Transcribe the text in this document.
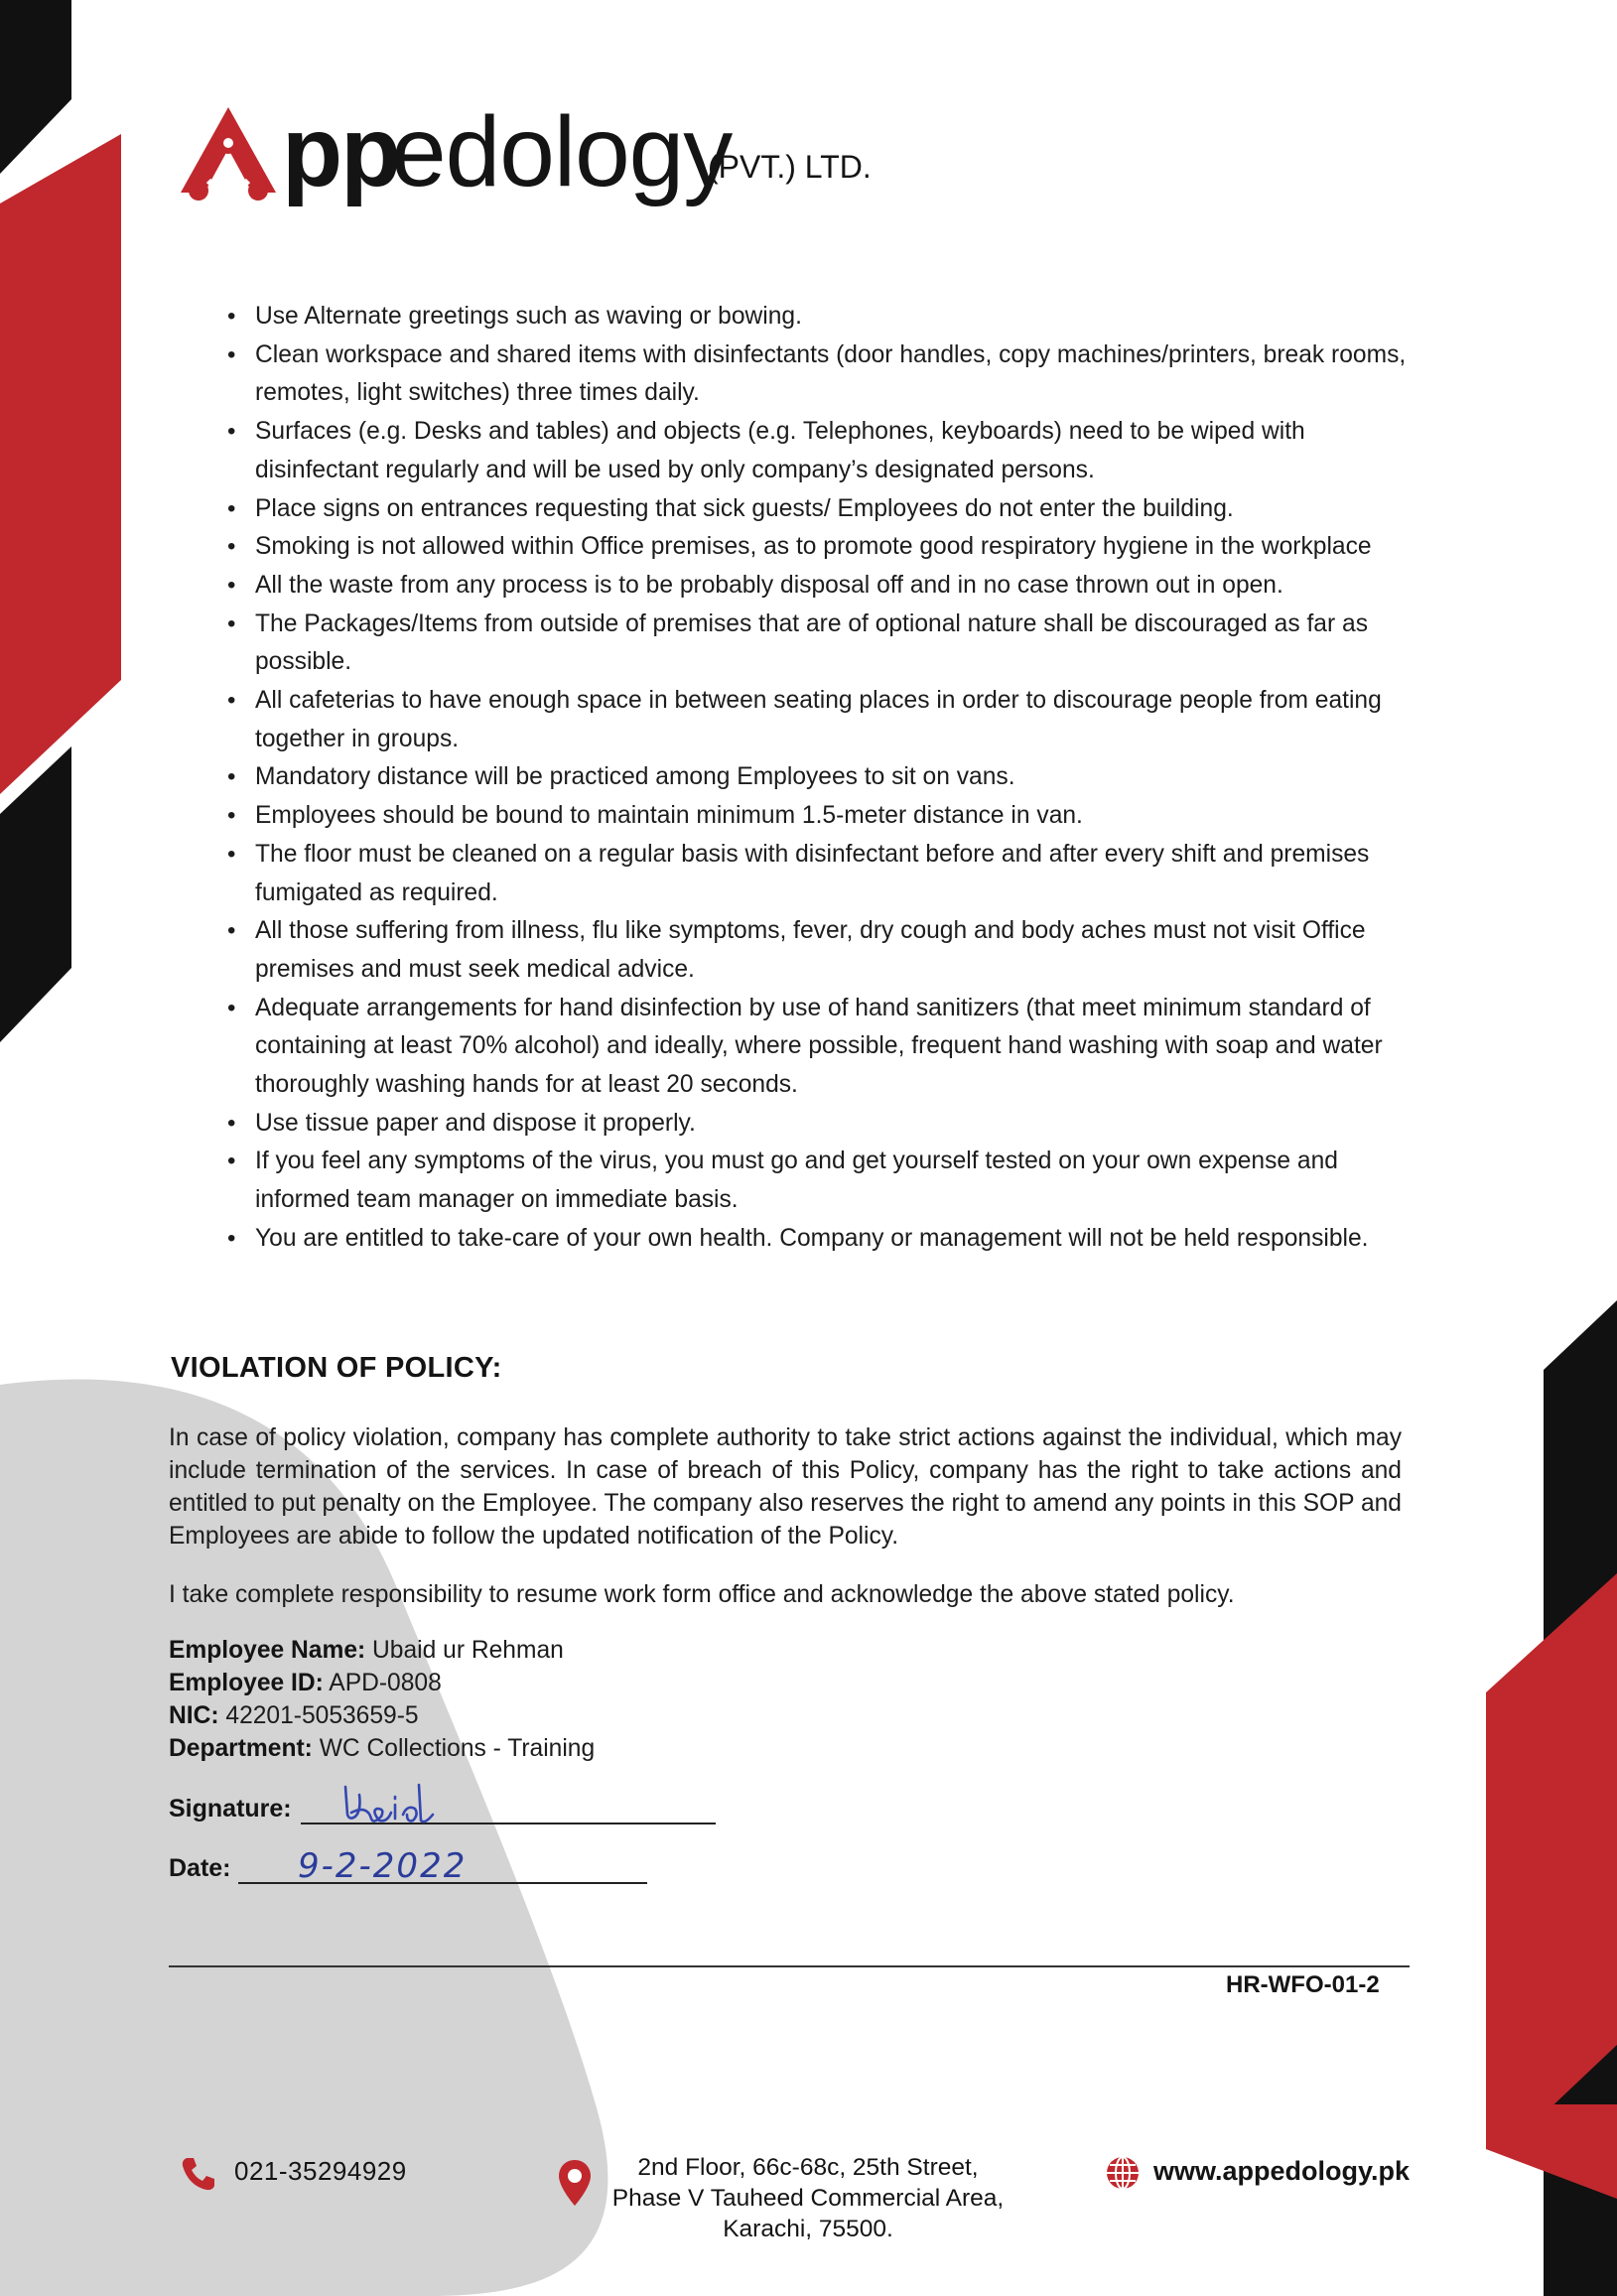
pp
edology
(PVT.) LTD.
• Use Alternate greetings such as waving or bowing.
• Clean workspace and shared items with disinfectants (door handles, copy machines/printers, break rooms, remotes, light switches) three times daily.
• Surfaces (e.g. Desks and tables) and objects (e.g. Telephones, keyboards) need to be wiped with disinfectant regularly and will be used by only company’s designated persons.
• Place signs on entrances requesting that sick guests/ Employees do not enter the building.
• Smoking is not allowed within Office premises, as to promote good respiratory hygiene in the workplace
• All the waste from any process is to be probably disposal off and in no case thrown out in open.
• The Packages/Items from outside of premises that are of optional nature shall be discouraged as far as possible.
• All cafeterias to have enough space in between seating places in order to discourage people from eating together in groups.
• Mandatory distance will be practiced among Employees to sit on vans.
• Employees should be bound to maintain minimum 1.5-meter distance in van.
• The floor must be cleaned on a regular basis with disinfectant before and after every shift and premises fumigated as required.
• All those suffering from illness, flu like symptoms, fever, dry cough and body aches must not visit Office premises and must seek medical advice.
• Adequate arrangements for hand disinfection by use of hand sanitizers (that meet minimum standard of containing at least 70% alcohol) and ideally, where possible, frequent hand washing with soap and water thoroughly washing hands for at least 20 seconds.
• Use tissue paper and dispose it properly.
• If you feel any symptoms of the virus, you must go and get yourself tested on your own expense and informed team manager on immediate basis.
• You are entitled to take-care of your own health. Company or management will not be held responsible.
VIOLATION OF POLICY:
In case of policy violation, company has complete authority to take strict actions against the individual, which may include termination of the services. In case of breach of this Policy, company has the right to take actions and entitled to put penalty on the Employee. The company also reserves the right to amend any points in this SOP and Employees are abide to follow the updated notification of the Policy.
I take complete responsibility to resume work form office and acknowledge the above stated policy.
Employee Name: Ubaid ur Rehman
Employee ID: APD-0808
NIC: 42201-5053659-5
Department: WC Collections - Training
Signature:
Date: 9-2-2022
HR-WFO-01-2
021-35294929	2nd Floor, 66c-68c, 25th Street,
Phase V Tauheed Commercial Area,
Karachi, 75500.
www.appedology.pk
